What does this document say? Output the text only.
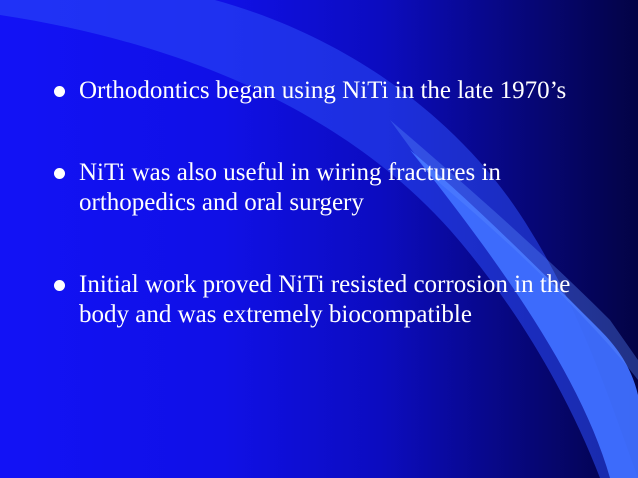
Orthodontics began using NiTi in the late 1970’s
NiTi was also useful in wiring fractures in orthopedics and oral surgery
Initial work proved NiTi resisted corrosion in the body and was extremely biocompatible
